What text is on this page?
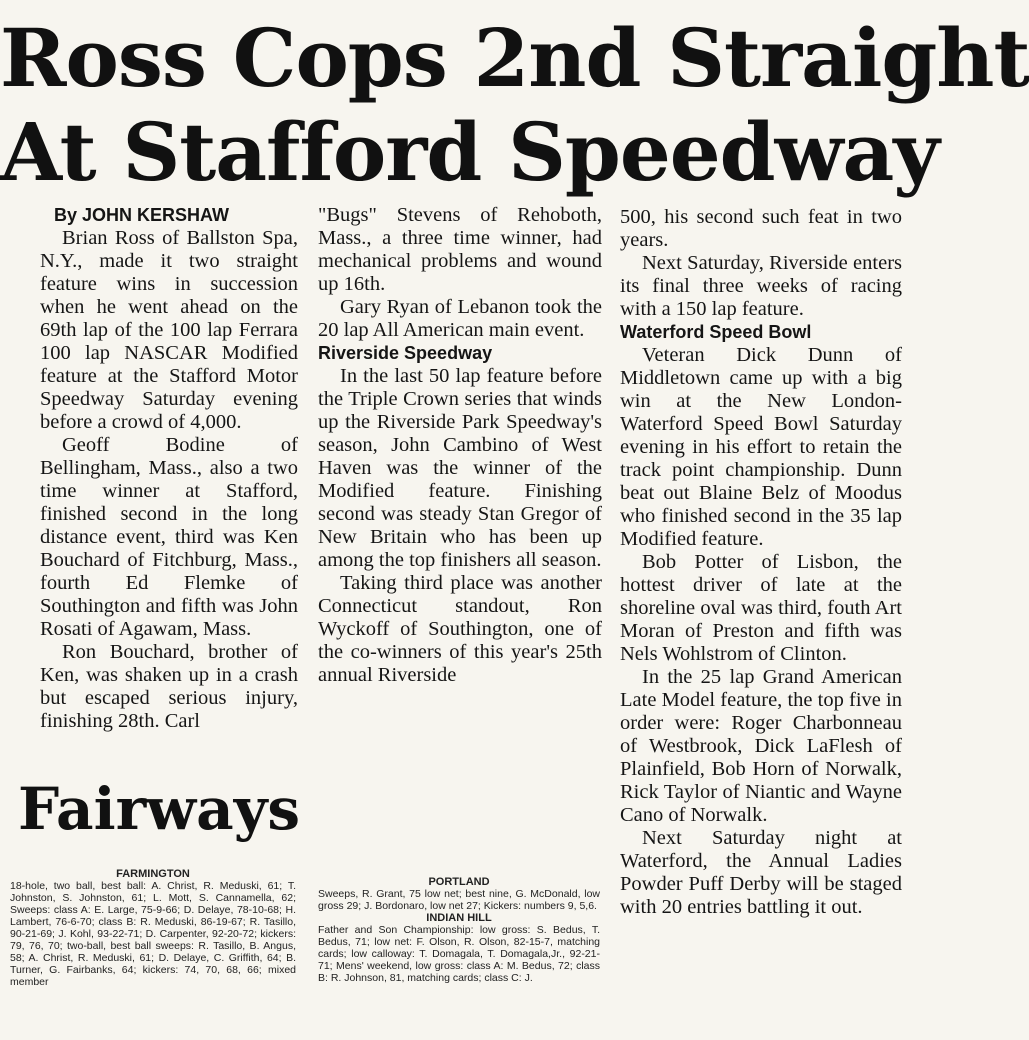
Ross Cops 2nd Straight
At Stafford Speedway

By JOHN KERSHAW

Brian Ross of Ballston Spa, N.Y., made it two straight feature wins in succession when he went ahead on the 69th lap of the 100 lap Ferrara 100 lap NASCAR Modified feature at the Stafford Motor Speedway Saturday evening before a crowd of 4,000.

Geoff Bodine of Bellingham, Mass., also a two time winner at Stafford, finished second in the long distance event, third was Ken Bouchard of Fitchburg, Mass., fourth Ed Flemke of Southington and fifth was John Rosati of Agawam, Mass.

Ron Bouchard, brother of Ken, was shaken up in a crash but escaped serious injury, finishing 28th. Carl

"Bugs" Stevens of Rehoboth, Mass., a three time winner, had mechanical problems and wound up 16th.

Gary Ryan of Lebanon took the 20 lap All American main event.

Riverside Speedway

In the last 50 lap feature before the Triple Crown series that winds up the Riverside Park Speedway's season, John Cambino of West Haven was the winner of the Modified feature. Finishing second was steady Stan Gregor of New Britain who has been up among the top finishers all season.

Taking third place was another Connecticut standout, Ron Wyckoff of Southington, one of the co-winners of this year's 25th annual Riverside

500, his second such feat in two years.

Next Saturday, Riverside enters its final three weeks of racing with a 150 lap feature.

Waterford Speed Bowl

Veteran Dick Dunn of Middletown came up with a big win at the New London-Waterford Speed Bowl Saturday evening in his effort to retain the track point championship. Dunn beat out Blaine Belz of Moodus who finished second in the 35 lap Modified feature.

Bob Potter of Lisbon, the hottest driver of late at the shoreline oval was third, fouth Art Moran of Preston and fifth was Nels Wohlstrom of Clinton.

In the 25 lap Grand American Late Model feature, the top five in order were: Roger Charbonneau of Westbrook, Dick LaFlesh of Plainfield, Bob Horn of Norwalk, Rick Taylor of Niantic and Wayne Cano of Norwalk.

Next Saturday night at Waterford, the Annual Ladies Powder Puff Derby will be staged with 20 entries battling it out.

Fairways
FARMINGTON

18-hole, two ball, best ball: A. Christ, R. Meduski, 61; T. Johnston, S. Johnston, 61; L. Mott, S. Cannamella, 62; Sweeps: class A: E. Large, 75-9-66; D. Delaye, 78-10-68; H. Lambert, 76-6-70; class B: R. Meduski, 86-19-67; R. Tasillo, 90-21-69; J. Kohl, 93-22-71; D. Carpenter, 92-20-72; kickers: 79, 76, 70; two-ball, best ball sweeps: R. Tasillo, B. Angus, 58; A. Christ, R. Meduski, 61; D. Delaye, C. Griffith, 64; B. Turner, G. Fairbanks, 64; kickers: 74, 70, 68, 66; mixed member

PORTLAND

Sweeps, R. Grant, 75 low net; best nine, G. McDonald, low gross 29; J. Bordonaro, low net 27; Kickers: numbers 9, 5,6.

INDIAN HILL

Father and Son Championship: low gross: S. Bedus, T. Bedus, 71; low net: F. Olson, R. Olson, 82-15-7, matching cards; low calloway: T. Domagala, T. Domagala,Jr., 92-21-71; Mens' weekend, low gross: class A: M. Bedus, 72; class B: R. Johnson, 81, matching cards; class C: J.
